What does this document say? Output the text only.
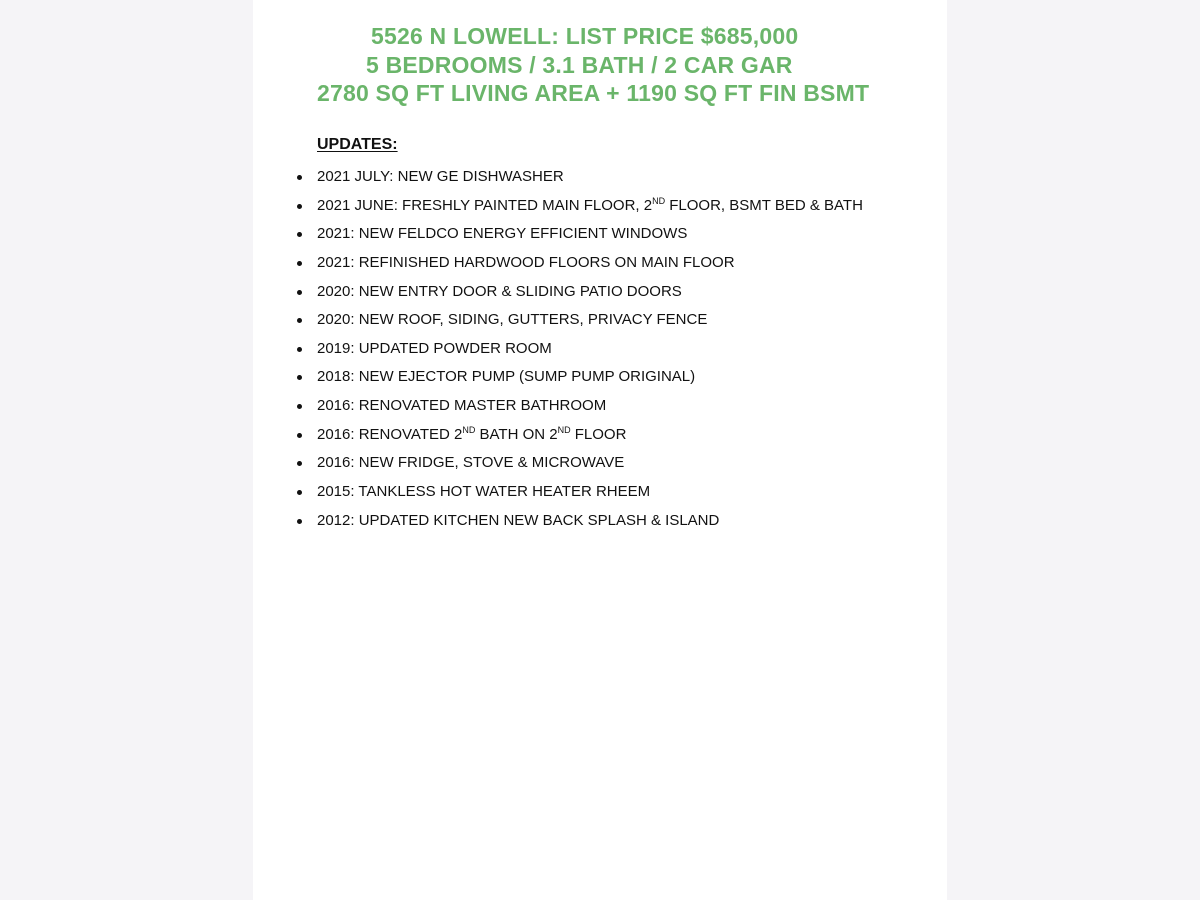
5526 N LOWELL: LIST PRICE $685,000
5 BEDROOMS / 3.1 BATH / 2 CAR GAR
2780 SQ FT LIVING AREA + 1190 SQ FT FIN BSMT
UPDATES:
2021 JULY: NEW GE DISHWASHER
2021 JUNE: FRESHLY PAINTED MAIN FLOOR, 2ND FLOOR, BSMT BED & BATH
2021: NEW FELDCO ENERGY EFFICIENT WINDOWS
2021: REFINISHED HARDWOOD FLOORS ON MAIN FLOOR
2020: NEW ENTRY DOOR & SLIDING PATIO DOORS
2020: NEW ROOF, SIDING, GUTTERS, PRIVACY FENCE
2019: UPDATED POWDER ROOM
2018: NEW EJECTOR PUMP (SUMP PUMP ORIGINAL)
2016: RENOVATED MASTER BATHROOM
2016: RENOVATED 2ND BATH ON 2ND FLOOR
2016: NEW FRIDGE, STOVE & MICROWAVE
2015: TANKLESS HOT WATER HEATER RHEEM
2012: UPDATED KITCHEN NEW BACK SPLASH & ISLAND
